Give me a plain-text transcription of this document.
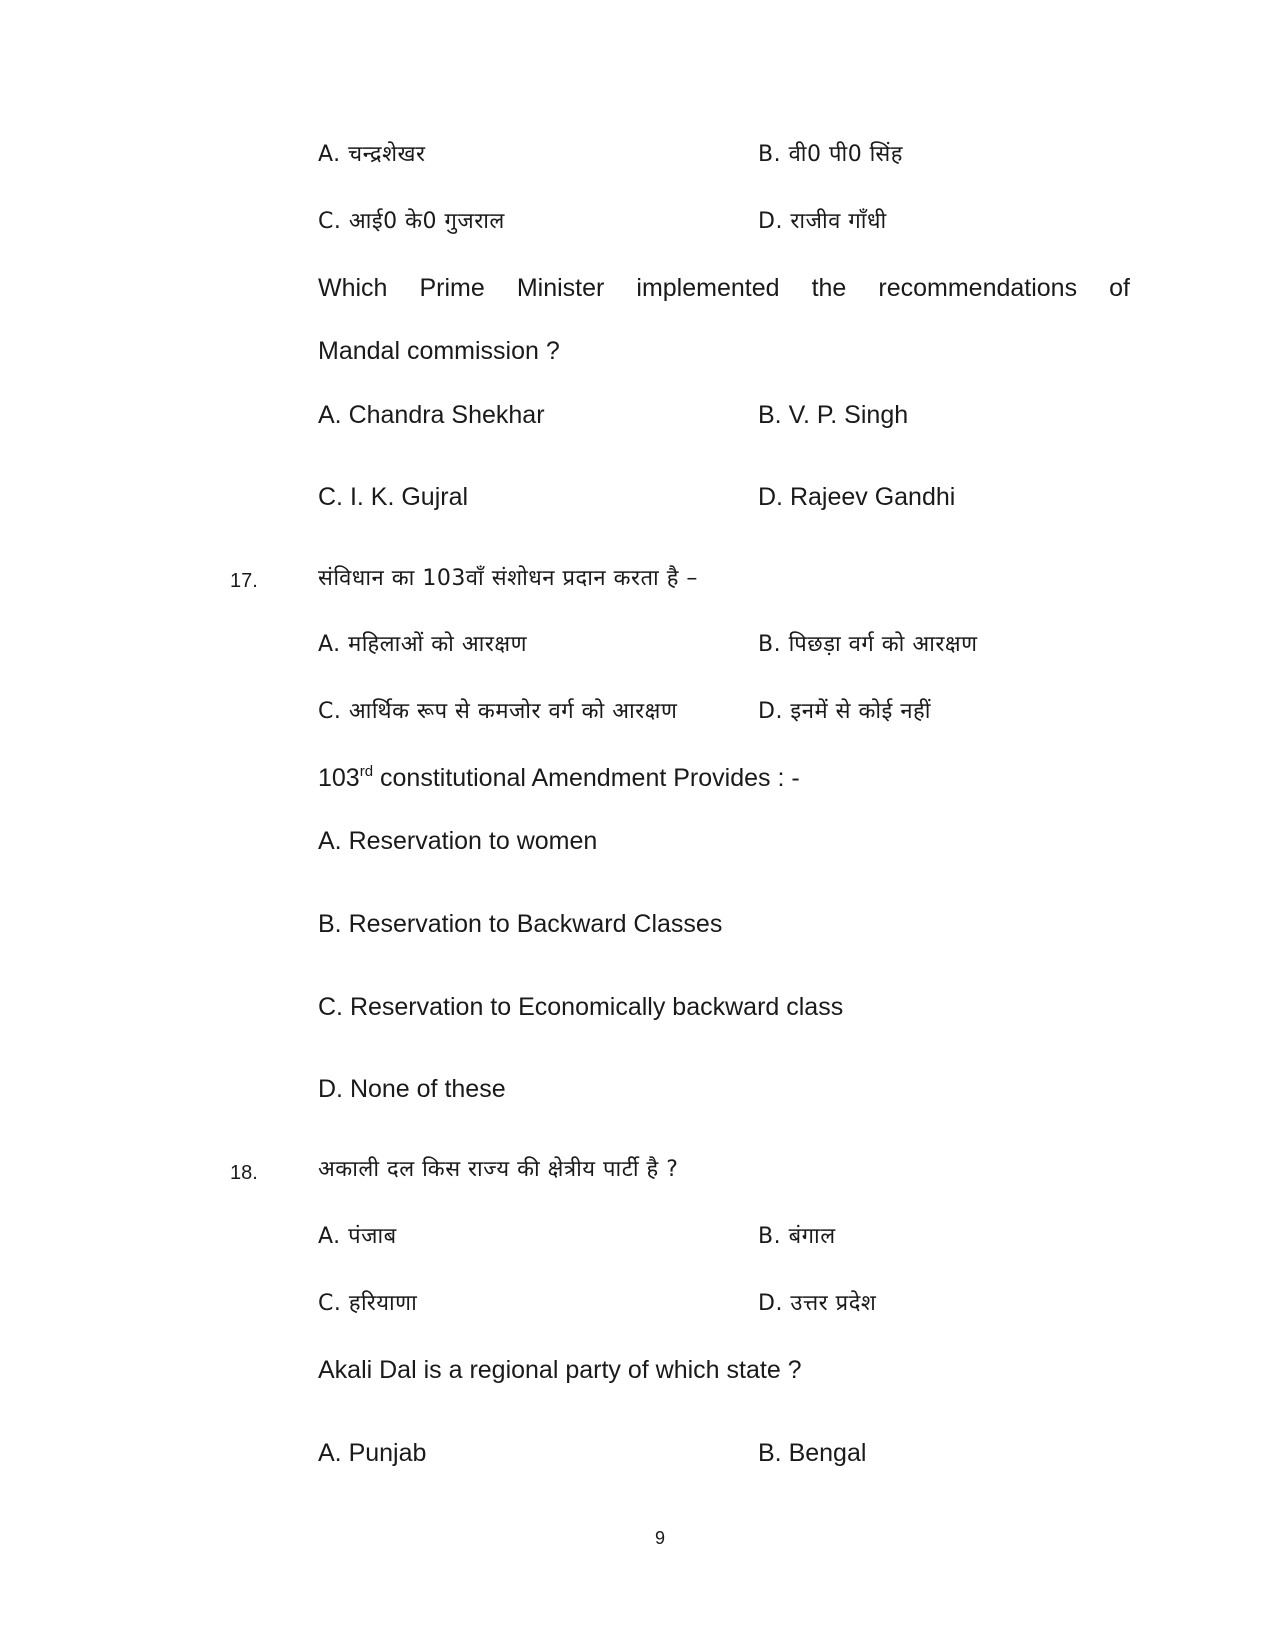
A. चन्द्रशेखर	B. वी0 पी0 सिंह
C. आई0 के0 गुजराल	D. राजीव गाँधी
Which Prime Minister implemented the recommendations of
Mandal commission ?
A. Chandra Shekhar	B. V. P. Singh
C. I. K. Gujral	D. Rajeev Gandhi
17.	संविधान का 103वाँ संशोधन प्रदान करता है –
A. महिलाओं को आरक्षण	B. पिछड़ा वर्ग को आरक्षण
C. आर्थिक रूप से कमजोर वर्ग को आरक्षण	D. इनमें से कोई नहीं
103rd constitutional Amendment Provides : -
A. Reservation to women
B. Reservation to Backward Classes
C. Reservation to Economically backward class
D. None of these
18.	अकाली दल किस राज्य की क्षेत्रीय पार्टी है ?
A. पंजाब	B. बंगाल
C. हरियाणा	D. उत्तर प्रदेश
Akali Dal is a regional party of which state ?
A. Punjab	B. Bengal
9
